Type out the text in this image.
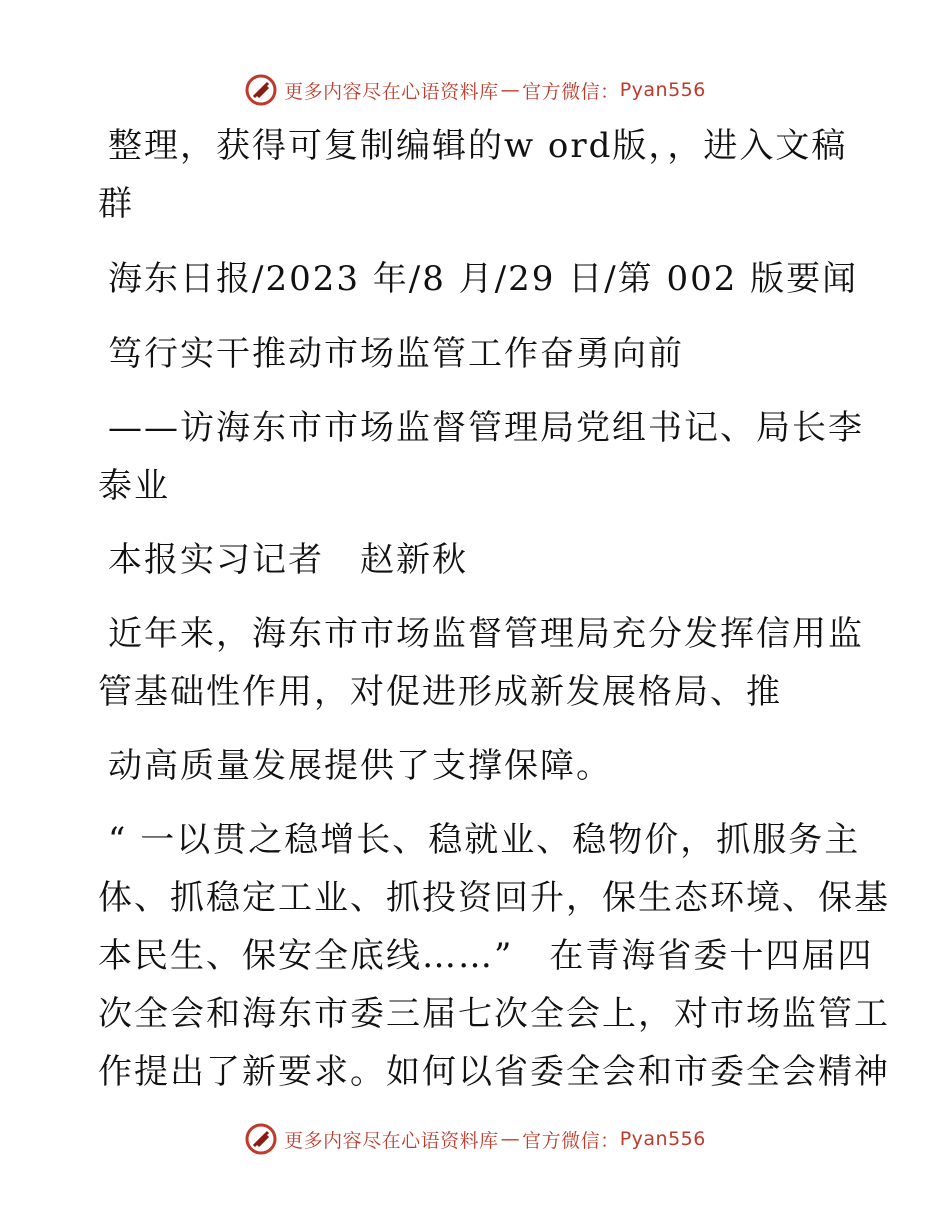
更多内容尽在心语资料库 — 官方微信： Pyan556
整理，获得可复制编辑的w ord版，，进入文稿
群
海东日报/2023 年/8 月/29 日/第 002 版要闻
笃行实干推动市场监管工作奋勇向前
——访海东市市场监督管理局党组书记、局长李
泰业
本报实习记者　赵新秋
近年来，海东市市场监督管理局充分发挥信用监
管基础性作用，对促进形成新发展格局、推
动高质量发展提供了支撑保障。
“ 一以贯之稳增长、稳就业、稳物价，抓服务主
体、抓稳定工业、抓投资回升，保生态环境、保基
本民生、保安全底线……”　在青海省委十四届四
次全会和海东市委三届七次全会上，对市场监管工
作提出了新要求。如何以省委全会和市委全会精神
更多内容尽在心语资料库 — 官方微信： Pyan556
